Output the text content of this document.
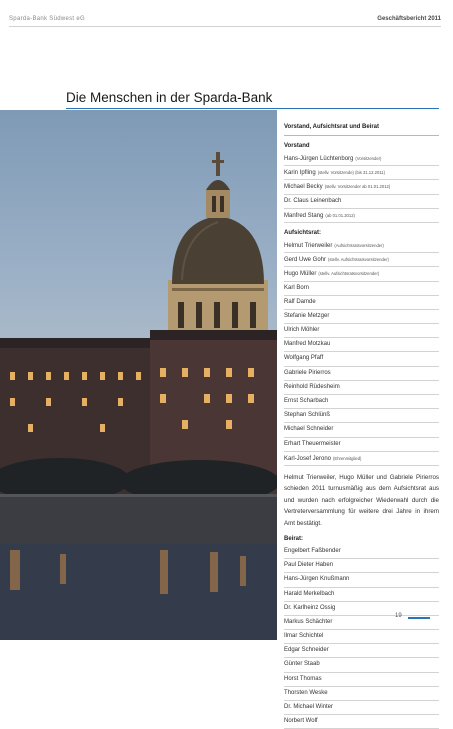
Sparda-Bank Südwest eG	Geschäftsbericht 2011
Die Menschen in der Sparda-Bank
Vorstand, Aufsichtsrat und Beirat
Vorstand
Hans-Jürgen Lüchtenborg (Vorsitzender)
Karin Ipfling (stellv. Vorsitzende) (bis 31.12.2011)
Michael Becky (stellv. Vorsitzender ab 01.01.2012)
Dr. Claus Leinenbach
Manfred Stang (ab 01.01.2012)
Aufsichtsrat:
Helmut Trierweiler (Aufsichtsratsvorsitzender)
Gerd Uwe Gohr (stellv. Aufsichtsratsvorsitzender)
Hugo Müller (stellv. Aufsichtsratsvorsitzender)
Karl Born
Ralf Damde
Stefanie Metzger
Ulrich Möhler
Manfred Motzkau
Wolfgang Pfaff
Gabriele Pirierros
Reinhold Rüdesheim
Ernst Scharbach
Stephan Schlünß
Michael Schneider
Erhart Theuermeister
Karl-Josef Jerono (Ehrenmitglied)
Helmut Trierweiler, Hugo Müller und Gabriele Pirierros schieden 2011 turnusmäßig aus dem Aufsichtsrat aus und wurden nach erfolgreicher Wiederwahl durch die Vertreterversammlung für weitere drei Jahre in ihrem Amt bestätigt.
Beirat:
Engelbert Faßbender
Paul Dieter Haben
Hans-Jürgen Knußmann
Harald Merkelbach
Dr. Karlheinz Ossig
Markus Schächter
Ilmar Schichtel
Edgar Schneider
Günter Staab
Horst Thomas
Thorsten Weske
Dr. Michael Winter
Norbert Wolf
19
